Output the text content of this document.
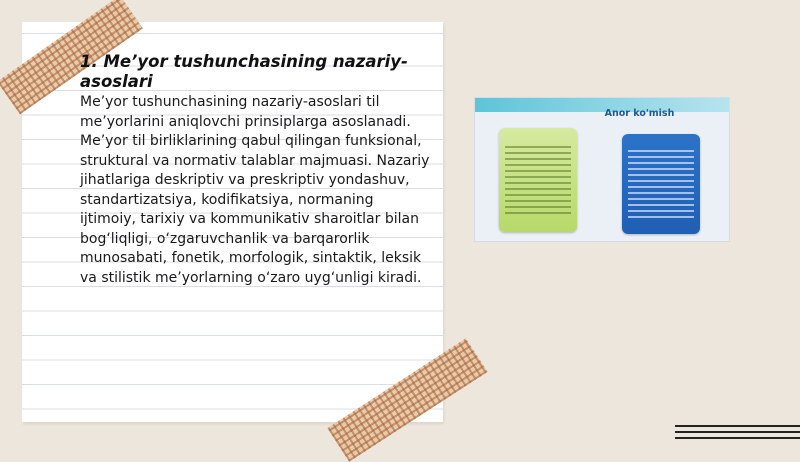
1. Me’yor tushunchasining nazariy-asoslari

Me’yor tushunchasining nazariy-asoslari til me’yorlarini aniqlovchi prinsiplarga asoslanadi. Me’yor til birliklarining qabul qilingan funksional, struktural va normativ talablar majmuasi. Nazariy jihatlariga deskriptiv va preskriptiv yondashuv, standartizatsiya, kodifikatsiya, normaning ijtimoiy, tarixiy va kommunikativ sharoitlar bilan bog‘liqligi, o‘zgaruvchanlik va barqarorlik munosabati, fonetik, morfologik, sintaktik, leksik va stilistik me’yorlarning o‘zaro uyg‘unligi kiradi.

Anor ko'mish
